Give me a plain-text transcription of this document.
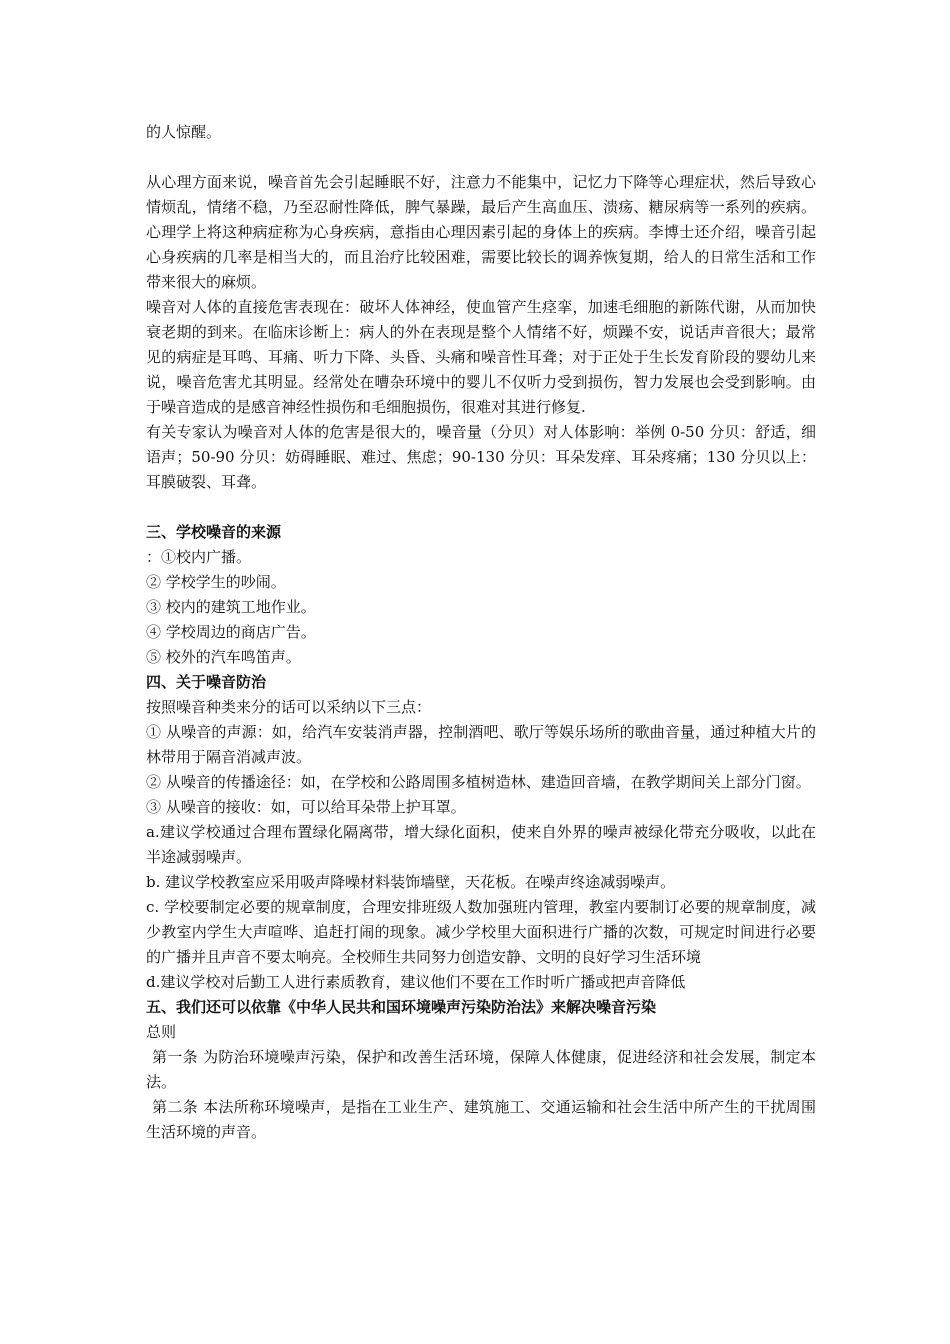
的人惊醒。

从心理方面来说，噪音首先会引起睡眠不好，注意力不能集中，记忆力下降等心理症状，然后导致心情烦乱，情绪不稳，乃至忍耐性降低，脾气暴躁，最后产生高血压、溃疡、糖尿病等一系列的疾病。心理学上将这种病症称为心身疾病，意指由心理因素引起的身体上的疾病。李博士还介绍，噪音引起心身疾病的几率是相当大的，而且治疗比较困难，需要比较长的调养恢复期，给人的日常生活和工作带来很大的麻烦。

噪音对人体的直接危害表现在：破坏人体神经，使血管产生痉挛，加速毛细胞的新陈代谢，从而加快衰老期的到来。在临床诊断上：病人的外在表现是整个人情绪不好，烦躁不安，说话声音很大；最常见的病症是耳鸣、耳痛、听力下降、头昏、头痛和噪音性耳聋；对于正处于生长发育阶段的婴幼儿来说，噪音危害尤其明显。经常处在嘈杂环境中的婴儿不仅听力受到损伤，智力发展也会受到影响。由于噪音造成的是感音神经性损伤和毛细胞损伤，很难对其进行修复.

有关专家认为噪音对人体的危害是很大的，噪音量（分贝）对人体影响：举例 0-50 分贝：舒适，细语声；50-90 分贝：妨碍睡眠、难过、焦虑；90-130 分贝：耳朵发痒、耳朵疼痛；130 分贝以上：耳膜破裂、耳聋。

三、学校噪音的来源

：①校内广播。

② 学校学生的吵闹。

③ 校内的建筑工地作业。

④ 学校周边的商店广告。

⑤ 校外的汽车鸣笛声。

四、关于噪音防治

按照噪音种类来分的话可以采纳以下三点：

① 从噪音的声源：如，给汽车安装消声器，控制酒吧、歌厅等娱乐场所的歌曲音量，通过种植大片的林带用于隔音消减声波。

② 从噪音的传播途径：如，在学校和公路周围多植树造林、建造回音墙，在教学期间关上部分门窗。

③ 从噪音的接收：如，可以给耳朵带上护耳罩。

a.建议学校通过合理布置绿化隔离带，增大绿化面积，使来自外界的噪声被绿化带充分吸收，以此在半途减弱噪声。

b. 建议学校教室应采用吸声降噪材料装饰墙壁，天花板。在噪声终途减弱噪声。

c. 学校要制定必要的规章制度，合理安排班级人数加强班内管理，教室内要制订必要的规章制度，减少教室内学生大声喧哗、追赶打闹的现象。减少学校里大面积进行广播的次数，可规定时间进行必要的广播并且声音不要太响亮。全校师生共同努力创造安静、文明的良好学习生活环境

d.建议学校对后勤工人进行素质教育，建议他们不要在工作时听广播或把声音降低

五、我们还可以依靠《中华人民共和国环境噪声污染防治法》来解决噪音污染

总则

第一条 为防治环境噪声污染，保护和改善生活环境，保障人体健康，促进经济和社会发展，制定本法。

第二条 本法所称环境噪声，是指在工业生产、建筑施工、交通运输和社会生活中所产生的干扰周围生活环境的声音。
